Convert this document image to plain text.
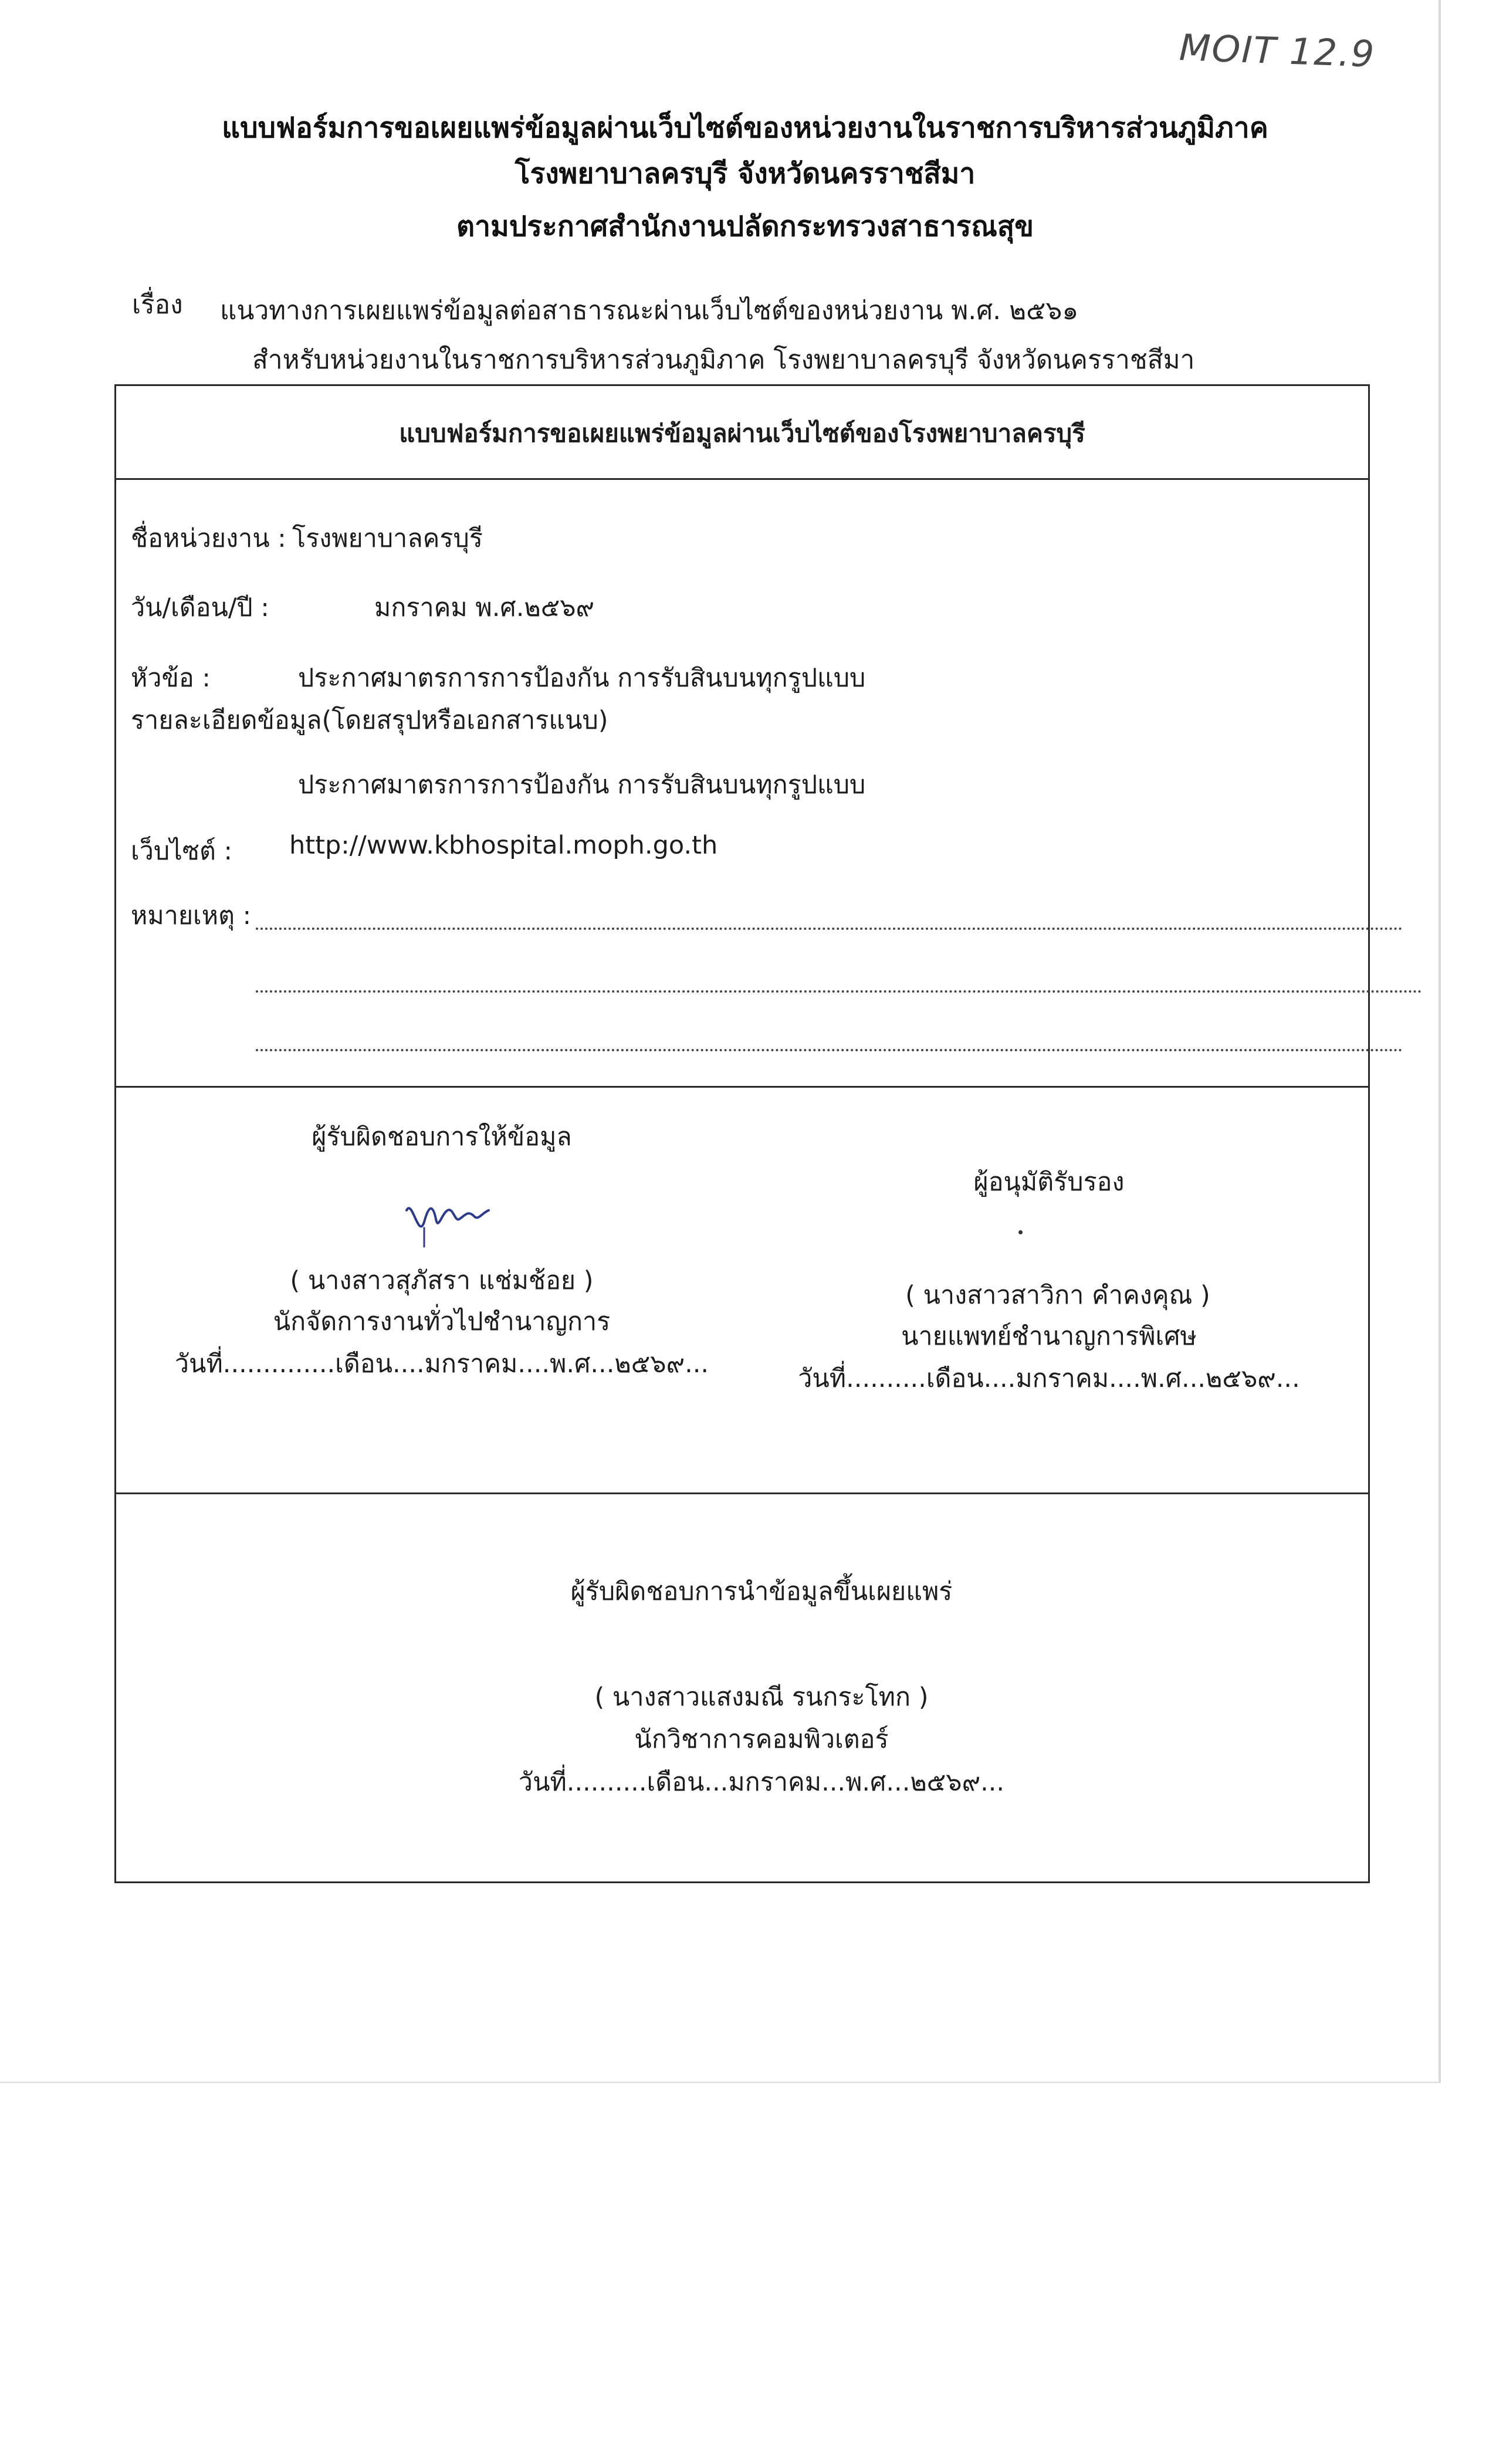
MOIT 12.9
แบบฟอร์มการขอเผยแพร่ข้อมูลผ่านเว็บไซต์ของหน่วยงานในราชการบริหารส่วนภูมิภาค
โรงพยาบาลครบุรี จังหวัดนครราชสีมา
ตามประกาศสำนักงานปลัดกระทรวงสาธารณสุข
เรื่อง แนวทางการเผยแพร่ข้อมูลต่อสาธารณะผ่านเว็บไซต์ของหน่วยงาน พ.ศ. ๒๕๖๑
สำหรับหน่วยงานในราชการบริหารส่วนภูมิภาค โรงพยาบาลครบุรี จังหวัดนครราชสีมา
แบบฟอร์มการขอเผยแพร่ข้อมูลผ่านเว็บไซต์ของโรงพยาบาลครบุรี
ชื่อหน่วยงาน : โรงพยาบาลครบุรี
วัน/เดือน/ปี :	มกราคม พ.ศ.๒๕๖๙
หัวข้อ :	ประกาศมาตรการการป้องกัน การรับสินบนทุกรูปแบบ
รายละเอียดข้อมูล(โดยสรุปหรือเอกสารแนบ)
ประกาศมาตรการการป้องกัน การรับสินบนทุกรูปแบบ
เว็บไซต์ : http://www.kbhospital.moph.go.th
หมายเหตุ :
ผู้รับผิดชอบการให้ข้อมูล
( นางสาวสุภัสรา แช่มช้อย )
นักจัดการงานทั่วไปชำนาญการ
วันที่..............เดือน....มกราคม....พ.ศ...๒๕๖๙...
ผู้อนุมัติรับรอง
( นางสาวสาวิกา คำคงคุณ )
นายแพทย์ชำนาญการพิเศษ
วันที่..........เดือน....มกราคม....พ.ศ...๒๕๖๙...
ผู้รับผิดชอบการนำข้อมูลขึ้นเผยแพร่
( นางสาวแสงมณี รนกระโทก )
นักวิชาการคอมพิวเตอร์
วันที่..........เดือน...มกราคม...พ.ศ...๒๕๖๙...
